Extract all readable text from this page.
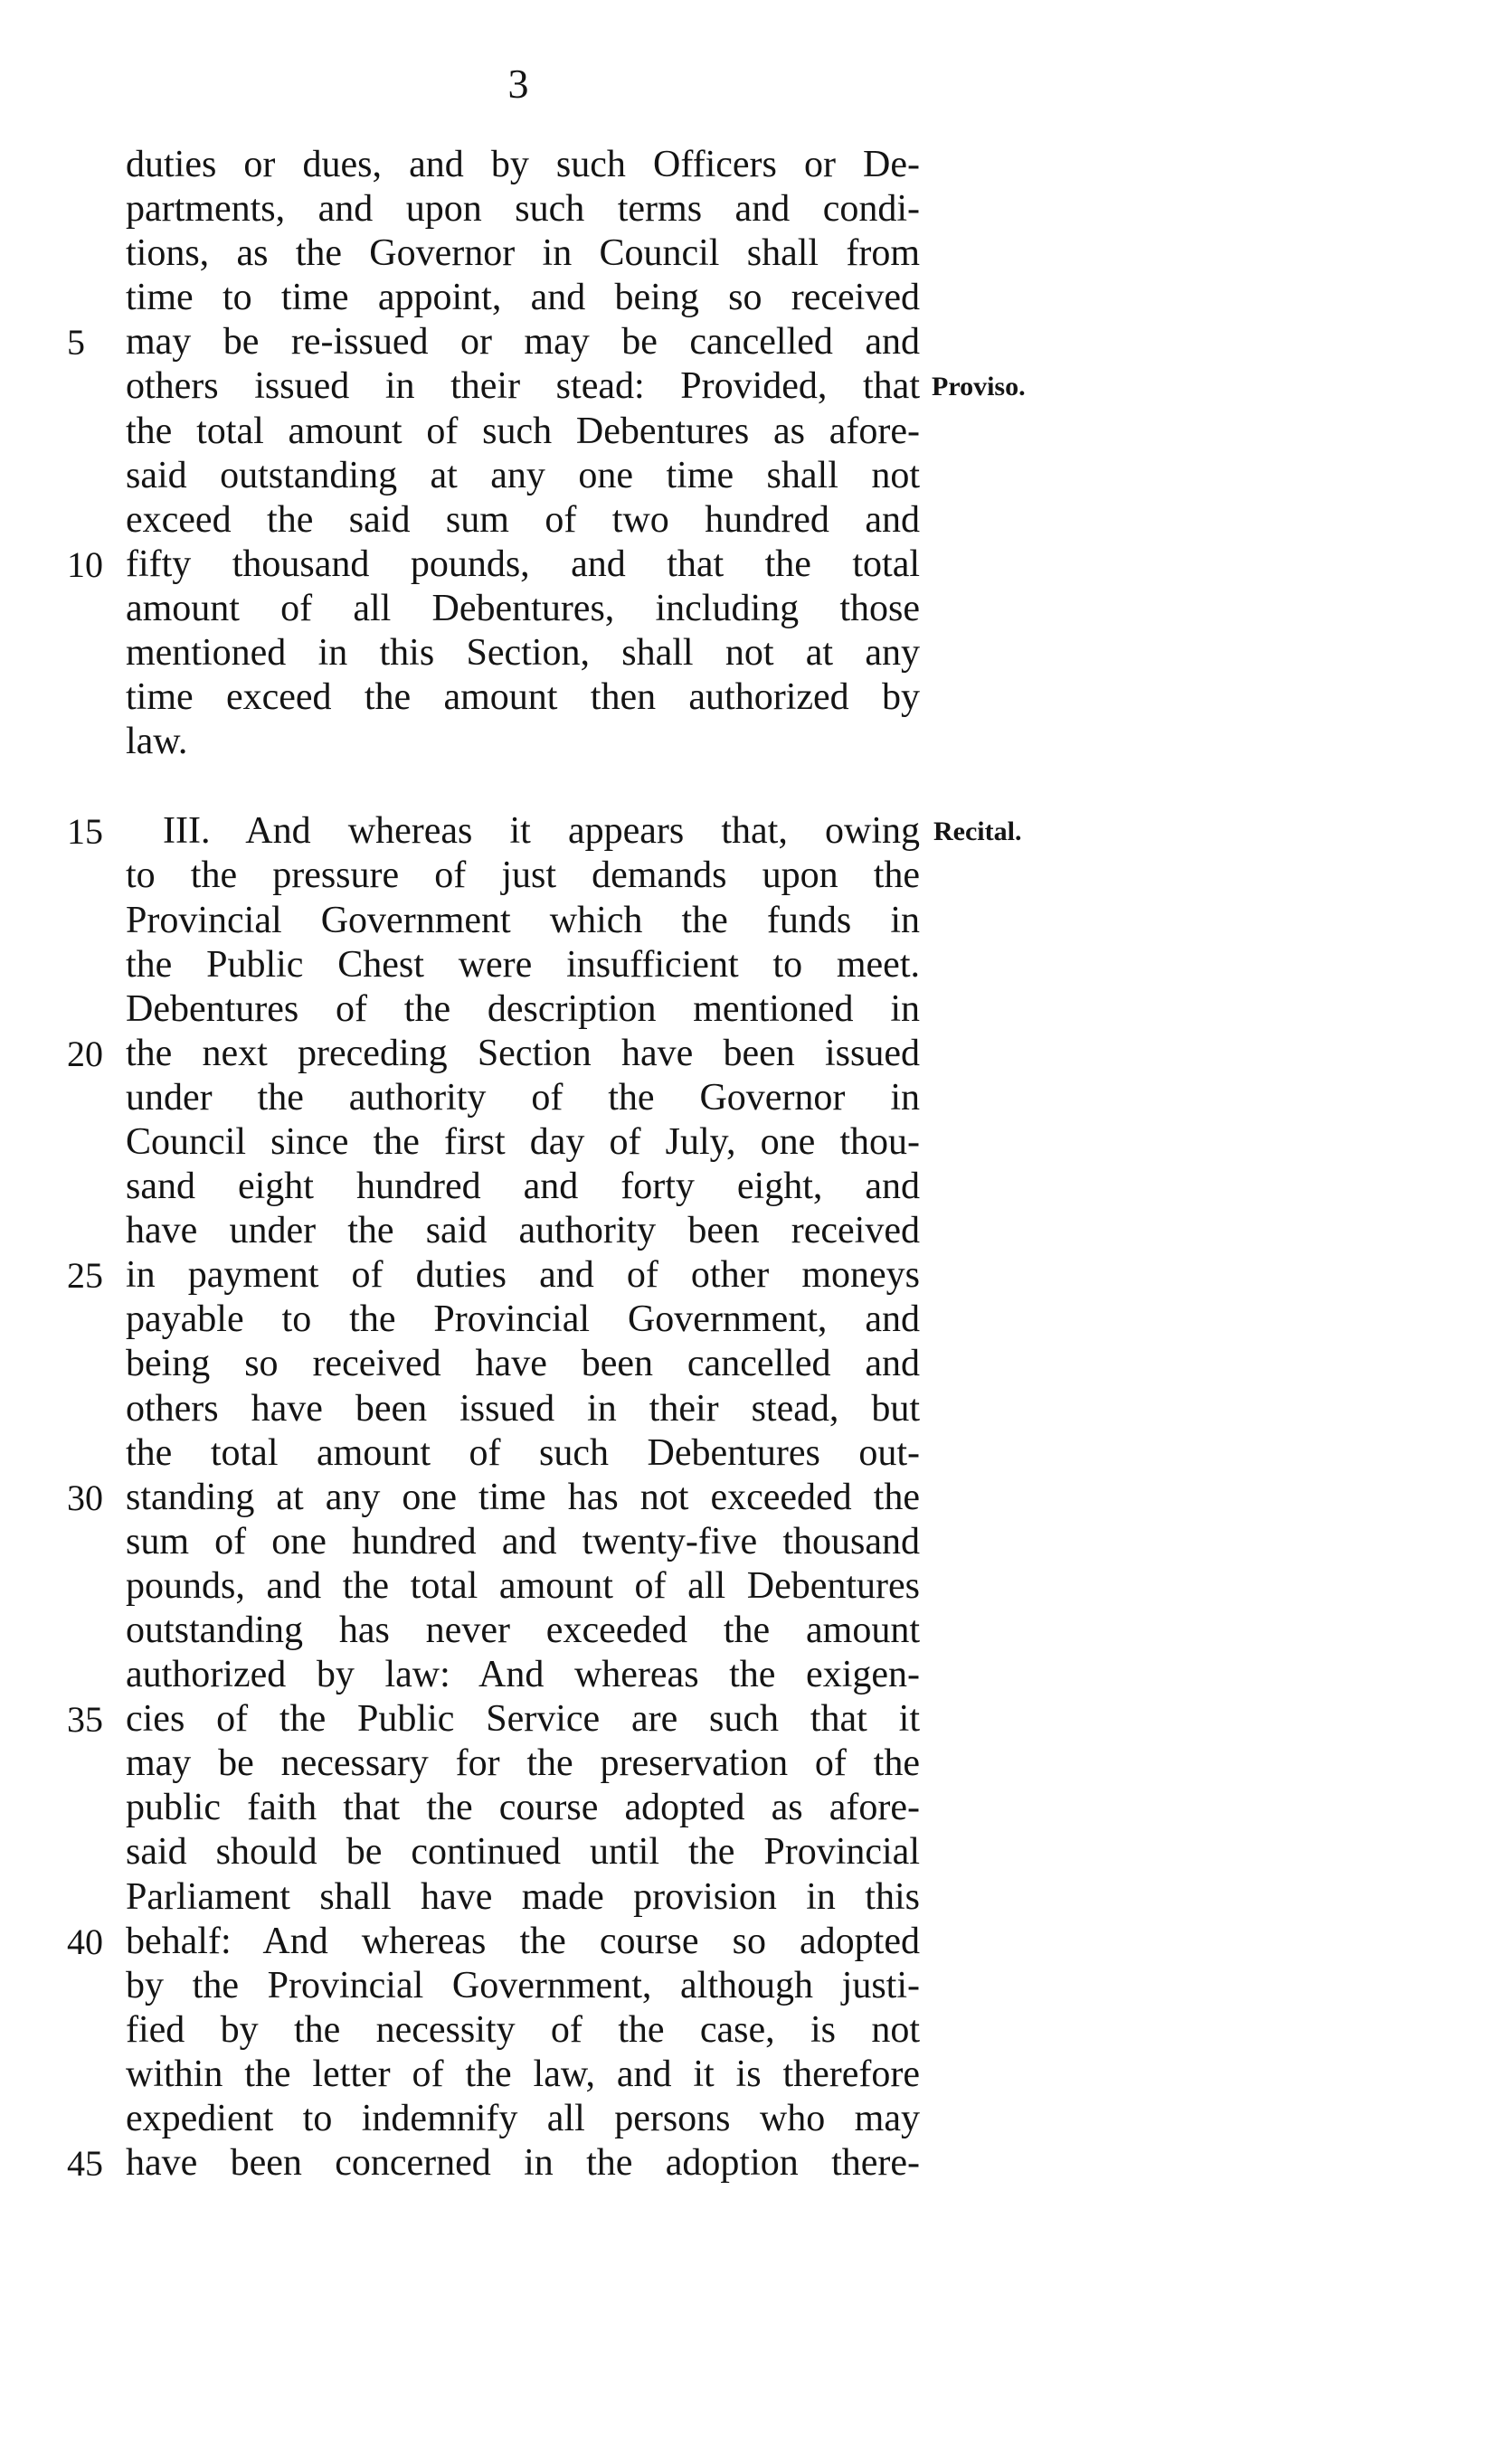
3
duties or dues, and by such Officers or De-
partments, and upon such terms and condi-
tions, as the Governor in Council shall from
time to time appoint, and being so received
5	may be re-issued or may be cancelled and
others issued in their stead: Provided, that Proviso.
the total amount of such Debentures as afore-
said outstanding at any one time shall not
exceed the said sum of two hundred and
10 fifty thousand pounds, and that the total
amount of all Debentures, including those
mentioned in this Section, shall not at any
time exceed the amount then authorized by
law.
15	III. And whereas it appears that, owing Recital.
to the pressure of just demands upon the
Provincial Government which the funds in
the Public Chest were insufficient to meet.
Debentures of the description mentioned in
20 the next preceding Section have been issued
under the authority of the Governor in
Council since the first day of July, one thou-
sand eight hundred and forty eight, and
have under the said authority been received
25 in payment of duties and of other moneys
payable to the Provincial Government, and
being so received have been cancelled and
others have been issued in their stead, but
the total amount of such Debentures out-
30 standing at any one time has not exceeded the
sum of one hundred and twenty-five thousand
pounds, and the total amount of all Debentures
outstanding has never exceeded the amount
authorized by law: And whereas the exigen-
35 cies of the Public Service are such that it
may be necessary for the preservation of the
public faith that the course adopted as afore-
said should be continued until the Provincial
Parliament shall have made provision in this
40 behalf: And whereas the course so adopted
by the Provincial Government, although justi-
fied by the necessity of the case, is not
within the letter of the law, and it is therefore
expedient to indemnify all persons who may
45 have been concerned in the adoption there-
